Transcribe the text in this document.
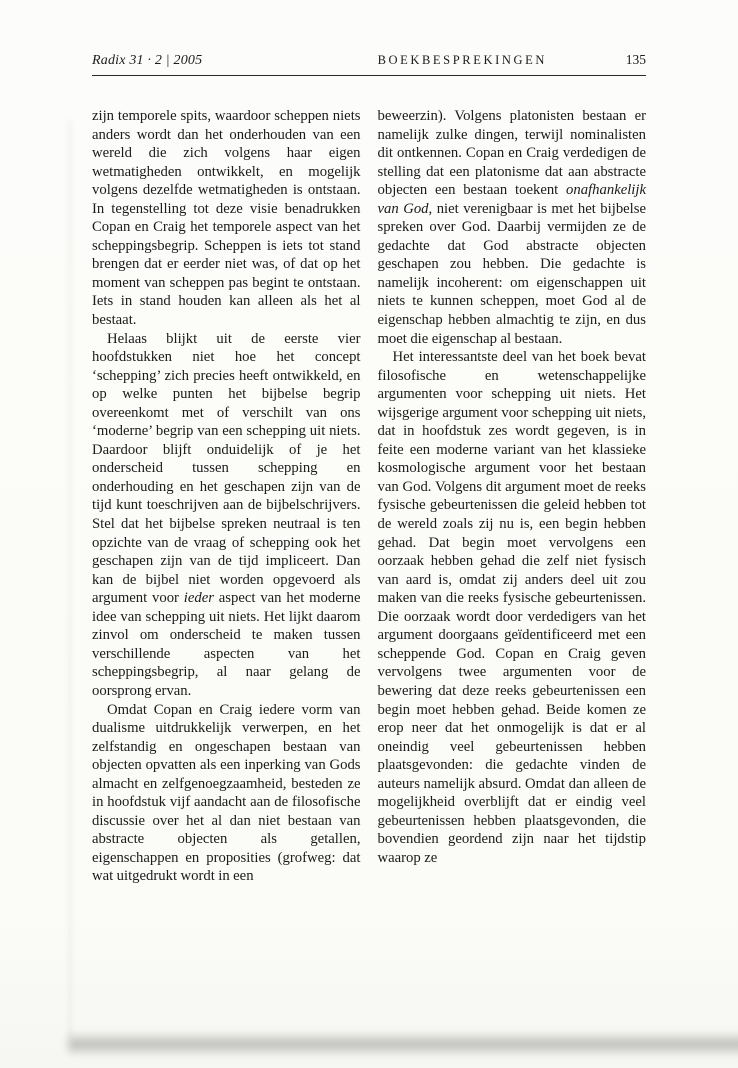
Radix 31 · 2 | 2005	BOEKBESPREKINGEN	135

zijn temporele spits, waardoor scheppen niets anders wordt dan het onderhouden van een wereld die zich volgens haar eigen wetmatigheden ontwikkelt, en mogelijk volgens dezelfde wetmatigheden is ontstaan. In tegenstelling tot deze visie benadrukken Copan en Craig het temporele aspect van het scheppingsbegrip. Scheppen is iets tot stand brengen dat er eerder niet was, of dat op het moment van scheppen pas begint te ontstaan. Iets in stand houden kan alleen als het al bestaat.

Helaas blijkt uit de eerste vier hoofdstukken niet hoe het concept ‘schepping’ zich precies heeft ontwikkeld, en op welke punten het bijbelse begrip overeenkomt met of verschilt van ons ‘moderne’ begrip van een schepping uit niets. Daardoor blijft onduidelijk of je het onderscheid tussen schepping en onderhouding en het geschapen zijn van de tijd kunt toeschrijven aan de bijbelschrijvers. Stel dat het bijbelse spreken neutraal is ten opzichte van de vraag of schepping ook het geschapen zijn van de tijd impliceert. Dan kan de bijbel niet worden opgevoerd als argument voor ieder aspect van het moderne idee van schepping uit niets. Het lijkt daarom zinvol om onderscheid te maken tussen verschillende aspecten van het scheppingsbegrip, al naar gelang de oorsprong ervan.

Omdat Copan en Craig iedere vorm van dualisme uitdrukkelijk verwerpen, en het zelfstandig en ongeschapen bestaan van objecten opvatten als een inperking van Gods almacht en zelfgenoegzaamheid, besteden ze in hoofdstuk vijf aandacht aan de filosofische discussie over het al dan niet bestaan van abstracte objecten als getallen, eigenschappen en proposities (grofweg: dat wat uitgedrukt wordt in een

beweerzin). Volgens platonisten bestaan er namelijk zulke dingen, terwijl nominalisten dit ontkennen. Copan en Craig verdedigen de stelling dat een platonisme dat aan abstracte objecten een bestaan toekent onafhankelijk van God, niet verenigbaar is met het bijbelse spreken over God. Daarbij vermijden ze de gedachte dat God abstracte objecten geschapen zou hebben. Die gedachte is namelijk incoherent: om eigenschappen uit niets te kunnen scheppen, moet God al de eigenschap hebben almachtig te zijn, en dus moet die eigenschap al bestaan.

Het interessantste deel van het boek bevat filosofische en wetenschappelijke argumenten voor schepping uit niets. Het wijsgerige argument voor schepping uit niets, dat in hoofdstuk zes wordt gegeven, is in feite een moderne variant van het klassieke kosmologische argument voor het bestaan van God. Volgens dit argument moet de reeks fysische gebeurtenissen die geleid hebben tot de wereld zoals zij nu is, een begin hebben gehad. Dat begin moet vervolgens een oorzaak hebben gehad die zelf niet fysisch van aard is, omdat zij anders deel uit zou maken van die reeks fysische gebeurtenissen. Die oorzaak wordt door verdedigers van het argument doorgaans geïdentificeerd met een scheppende God. Copan en Craig geven vervolgens twee argumenten voor de bewering dat deze reeks gebeurtenissen een begin moet hebben gehad. Beide komen ze erop neer dat het onmogelijk is dat er al oneindig veel gebeurtenissen hebben plaatsgevonden: die gedachte vinden de auteurs namelijk absurd. Omdat dan alleen de mogelijkheid overblijft dat er eindig veel gebeurtenissen hebben plaatsgevonden, die bovendien geordend zijn naar het tijdstip waarop ze
